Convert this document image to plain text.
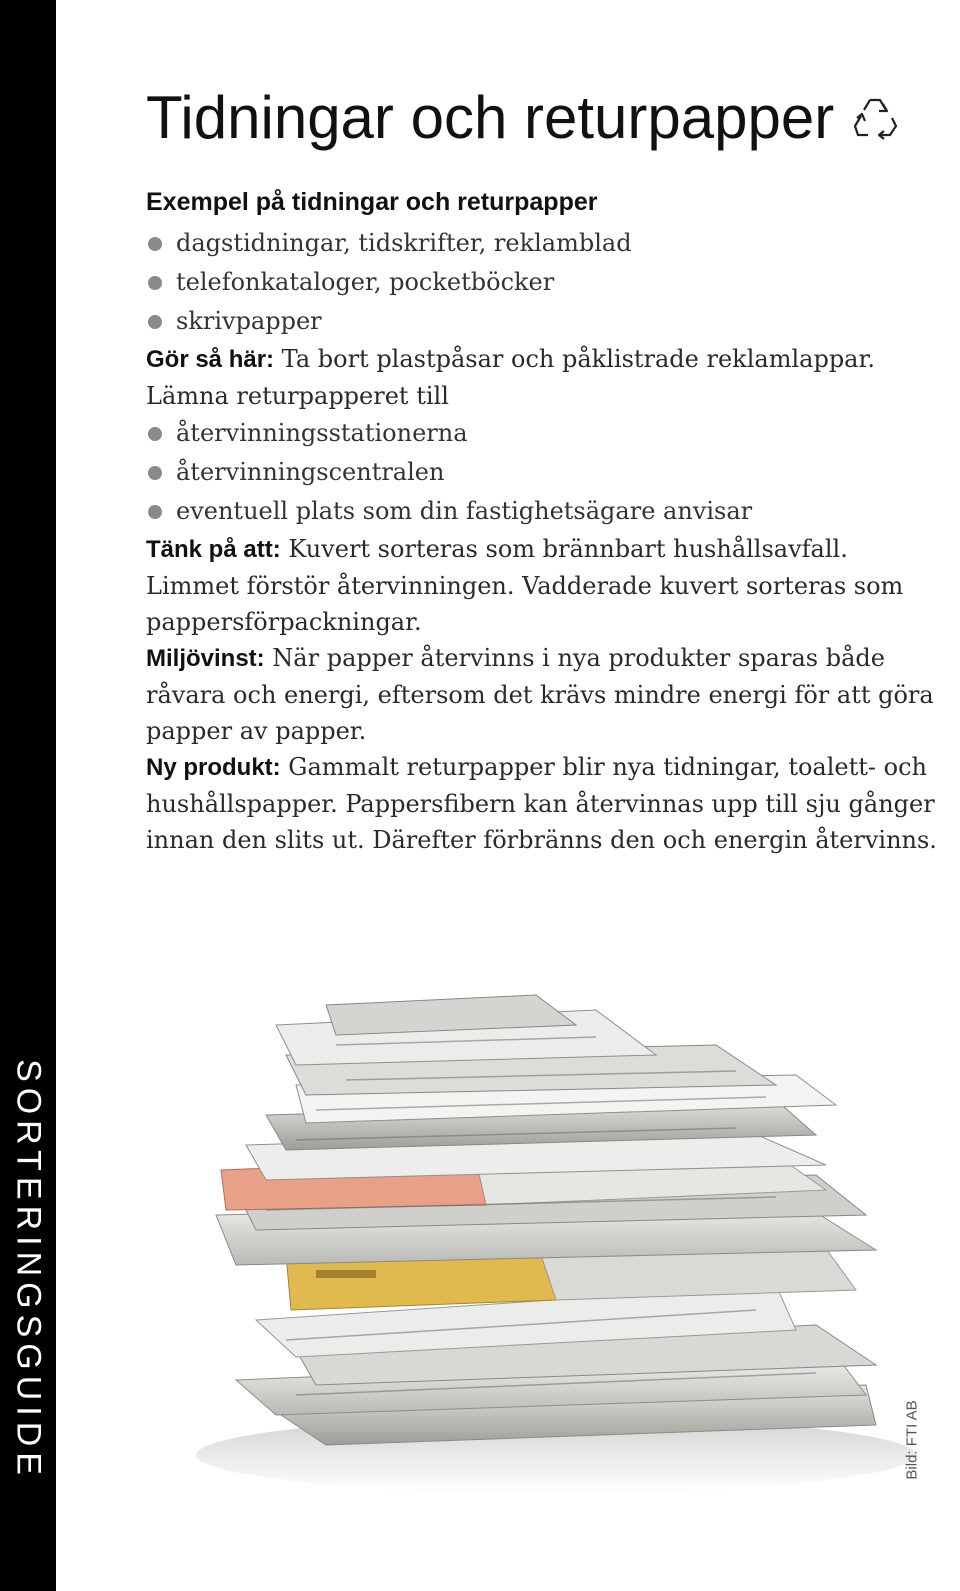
SORTERINGSGUIDE
Tidningar och returpapper
Exempel på tidningar och returpapper
dagstidningar, tidskrifter, reklamblad
telefonkataloger, pocketböcker
skrivpapper

Gör så här: Ta bort plastpåsar och påklistrade reklamlappar.

Lämna returpapperet till

återvinningsstationerna
återvinningscentralen
eventuell plats som din fastighetsägare anvisar

Tänk på att: Kuvert sorteras som brännbart hushållsavfall. Limmet förstör återvinningen. Vadderade kuvert sorteras som pappersförpackningar.

Miljövinst: När papper återvinns i nya produkter sparas både råvara och energi, eftersom det krävs mindre energi för att göra papper av papper.

Ny produkt: Gammalt returpapper blir nya tidningar, toalett- och hushållspapper. Pappersfibern kan återvinnas upp till sju gånger innan den slits ut. Därefter förbränns den och energin återvinns.

Bild: FTI AB
